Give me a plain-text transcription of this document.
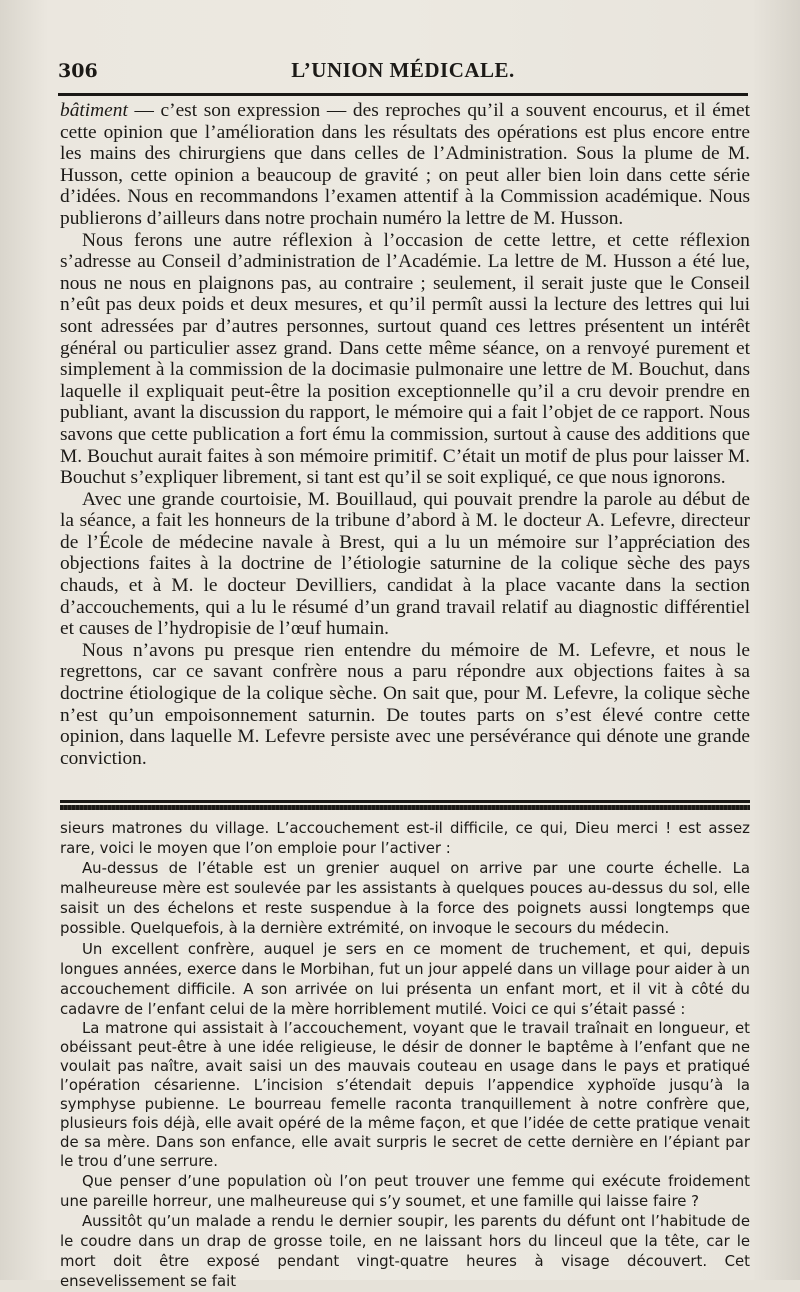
306	L’UNION MÉDICALE.

bâtiment — c’est son expression — des reproches qu’il a souvent encourus, et il émet cette opinion que l’amélioration dans les résultats des opérations est plus encore entre les mains des chirurgiens que dans celles de l’Administration. Sous la plume de M. Husson, cette opinion a beaucoup de gravité ; on peut aller bien loin dans cette série d’idées. Nous en recommandons l’examen attentif à la Commission académique. Nous publierons d’ailleurs dans notre prochain numéro la lettre de M. Husson.

Nous ferons une autre réflexion à l’occasion de cette lettre, et cette réflexion s’adresse au Conseil d’administration de l’Académie. La lettre de M. Husson a été lue, nous ne nous en plaignons pas, au contraire ; seulement, il serait juste que le Conseil n’eût pas deux poids et deux mesures, et qu’il permît aussi la lecture des lettres qui lui sont adressées par d’autres personnes, surtout quand ces lettres présentent un intérêt général ou particulier assez grand. Dans cette même séance, on a renvoyé purement et simplement à la commission de la docimasie pulmonaire une lettre de M. Bouchut, dans laquelle il expliquait peut-être la position exceptionnelle qu’il a cru devoir prendre en publiant, avant la discussion du rapport, le mémoire qui a fait l’objet de ce rapport. Nous savons que cette publication a fort ému la commission, surtout à cause des additions que M. Bouchut aurait faites à son mémoire primitif. C’était un motif de plus pour laisser M. Bouchut s’expliquer librement, si tant est qu’il se soit expliqué, ce que nous ignorons.

Avec une grande courtoisie, M. Bouillaud, qui pouvait prendre la parole au début de la séance, a fait les honneurs de la tribune d’abord à M. le docteur A. Lefevre, directeur de l’École de médecine navale à Brest, qui a lu un mémoire sur l’appréciation des objections faites à la doctrine de l’étiologie saturnine de la colique sèche des pays chauds, et à M. le docteur Devilliers, candidat à la place vacante dans la section d’accouchements, qui a lu le résumé d’un grand travail relatif au diagnostic différentiel et causes de l’hydropisie de l’œuf humain.

Nous n’avons pu presque rien entendre du mémoire de M. Lefevre, et nous le regrettons, car ce savant confrère nous a paru répondre aux objections faites à sa doctrine étiologique de la colique sèche. On sait que, pour M. Lefevre, la colique sèche n’est qu’un empoisonnement saturnin. De toutes parts on s’est élevé contre cette opinion, dans laquelle M. Lefevre persiste avec une persévérance qui dénote une grande conviction.

sieurs matrones du village. L’accouchement est-il difficile, ce qui, Dieu merci ! est assez rare, voici le moyen que l’on emploie pour l’activer :

Au-dessus de l’étable est un grenier auquel on arrive par une courte échelle. La malheureuse mère est soulevée par les assistants à quelques pouces au-dessus du sol, elle saisit un des échelons et reste suspendue à la force des poignets aussi longtemps que possible. Quelquefois, à la dernière extrémité, on invoque le secours du médecin.

Un excellent confrère, auquel je sers en ce moment de truchement, et qui, depuis longues années, exerce dans le Morbihan, fut un jour appelé dans un village pour aider à un accouchement difficile. A son arrivée on lui présenta un enfant mort, et il vit à côté du cadavre de l’enfant celui de la mère horriblement mutilé. Voici ce qui s’était passé :

La matrone qui assistait à l’accouchement, voyant que le travail traînait en longueur, et obéissant peut-être à une idée religieuse, le désir de donner le baptême à l’enfant que ne voulait pas naître, avait saisi un des mauvais couteau en usage dans le pays et pratiqué l’opération césarienne. L’incision s’étendait depuis l’appendice xyphoïde jusqu’à la symphyse pubienne. Le bourreau femelle raconta tranquillement à notre confrère que, plusieurs fois déjà, elle avait opéré de la même façon, et que l’idée de cette pratique venait de sa mère. Dans son enfance, elle avait surpris le secret de cette dernière en l’épiant par le trou d’une serrure.

Que penser d’une population où l’on peut trouver une femme qui exécute froidement une pareille horreur, une malheureuse qui s’y soumet, et une famille qui laisse faire ?

Aussitôt qu’un malade a rendu le dernier soupir, les parents du défunt ont l’habitude de le coudre dans un drap de grosse toile, en ne laissant hors du linceul que la tête, car le mort doit être exposé pendant vingt-quatre heures à visage découvert. Cet ensevelissement se fait
